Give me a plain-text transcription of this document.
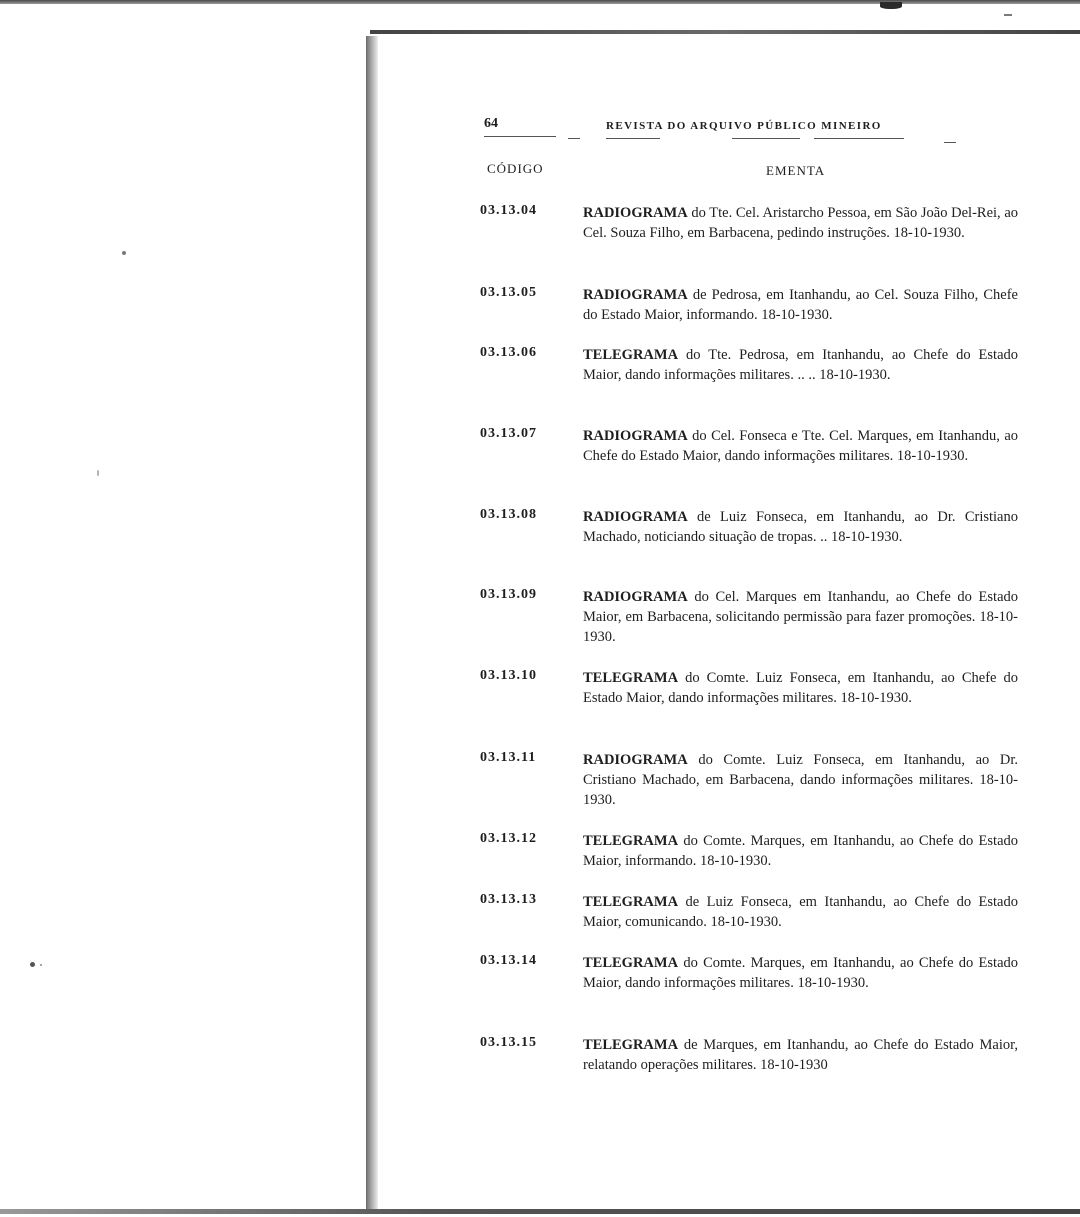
64	REVISTA DO ARQUIVO PÚBLICO MINEIRO
CÓDIGO	EMENTA
03.13.04	RADIOGRAMA do Tte. Cel. Aristarcho Pessoa, em São João Del-Rei, ao Cel. Souza Filho, em Barbacena, pedindo instruções. 18-10-1930.
03.13.05	RADIOGRAMA de Pedrosa, em Itanhandu, ao Cel. Souza Filho, Chefe do Estado Maior, informando. 18-10-1930.
03.13.06	TELEGRAMA do Tte. Pedrosa, em Itanhandu, ao Chefe do Estado Maior, dando informações militares. .. .. 18-10-1930.
03.13.07	RADIOGRAMA do Cel. Fonseca e Tte. Cel. Marques, em Itanhandu, ao Chefe do Estado Maior, dando informações militares. 18-10-1930.
03.13.08	RADIOGRAMA de Luiz Fonseca, em Itanhandu, ao Dr. Cristiano Machado, noticiando situação de tropas. .. 18-10-1930.
03.13.09	RADIOGRAMA do Cel. Marques em Itanhandu, ao Chefe do Estado Maior, em Barbacena, solicitando permissão para fazer promoções. 18-10-1930.
03.13.10	TELEGRAMA do Comte. Luiz Fonseca, em Itanhandu, ao Chefe do Estado Maior, dando informações militares. 18-10-1930.
03.13.11	RADIOGRAMA do Comte. Luiz Fonseca, em Itanhandu, ao Dr. Cristiano Machado, em Barbacena, dando informações militares. 18-10-1930.
03.13.12	TELEGRAMA do Comte. Marques, em Itanhandu, ao Chefe do Estado Maior, informando. 18-10-1930.
03.13.13	TELEGRAMA de Luiz Fonseca, em Itanhandu, ao Chefe do Estado Maior, comunicando. 18-10-1930.
03.13.14	TELEGRAMA do Comte. Marques, em Itanhandu, ao Chefe do Estado Maior, dando informações militares. 18-10-1930.
03.13.15	TELEGRAMA de Marques, em Itanhandu, ao Chefe do Estado Maior, relatando operações militares. 18-10-1930
